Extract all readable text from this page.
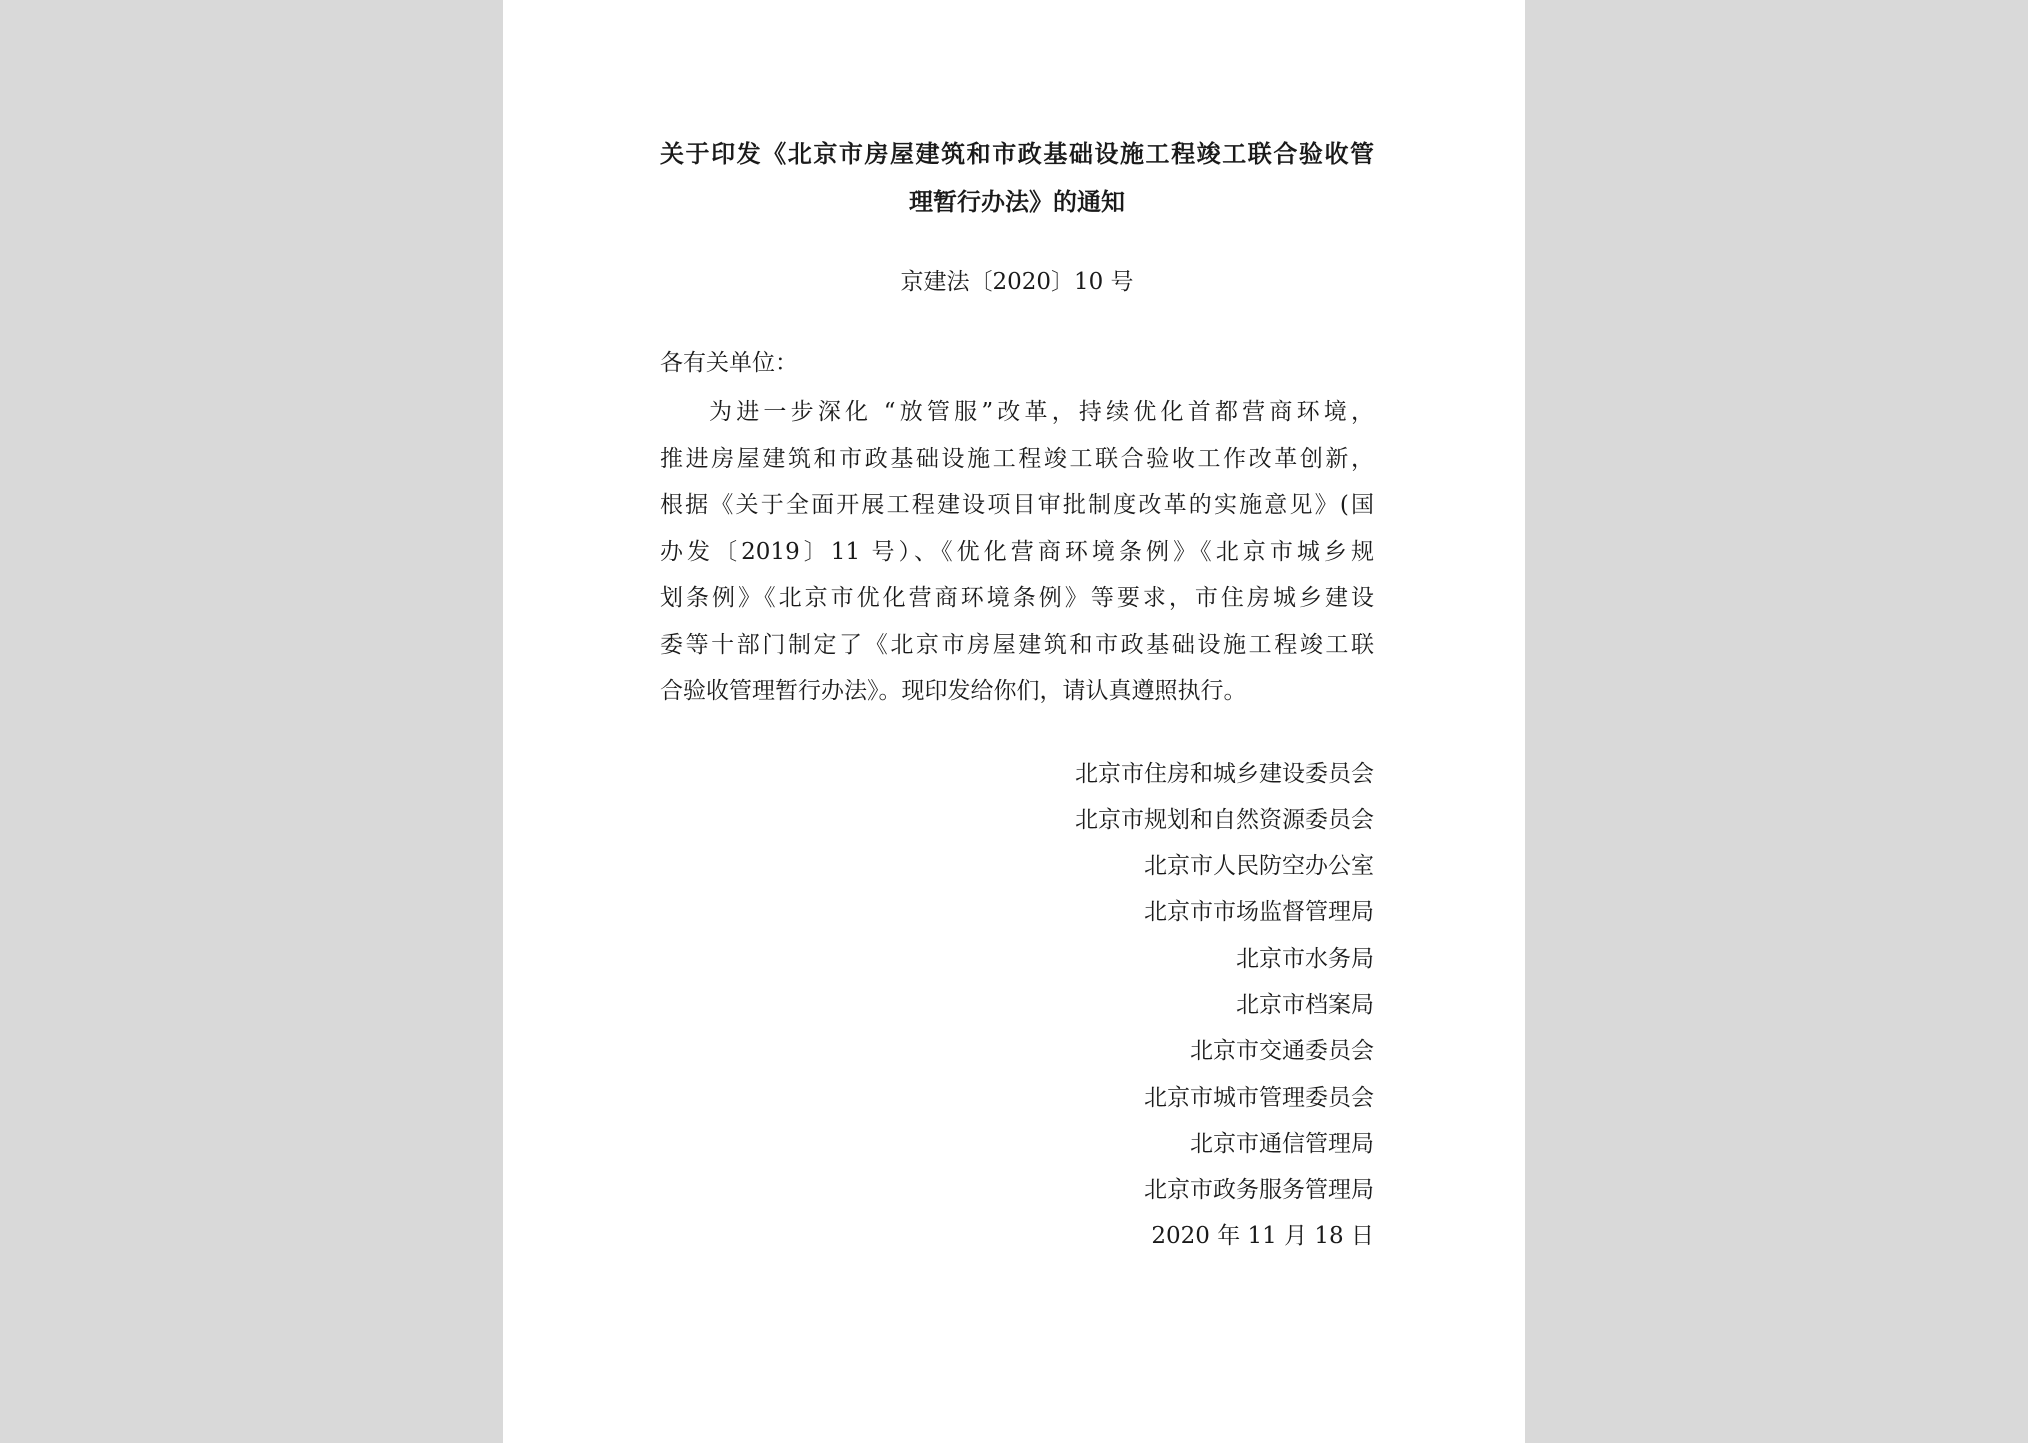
关于印发《北京市房屋建筑和市政基础设施工程竣工联合验收管
理暂行办法》的通知
京建法〔2020〕10 号
各有关单位：
为进一步深化 “放管服”改革，持续优化首都营商环境，
推进房屋建筑和市政基础设施工程竣工联合验收工作改革创新，
根据《关于全面开展工程建设项目审批制度改革的实施意见》(国
办发〔2019〕11 号）、《优化营商环境条例》《北京市城乡规
划条例》《北京市优化营商环境条例》等要求，市住房城乡建设
委等十部门制定了《北京市房屋建筑和市政基础设施工程竣工联
合验收管理暂行办法》。现印发给你们，请认真遵照执行。
北京市住房和城乡建设委员会
北京市规划和自然资源委员会
北京市人民防空办公室
北京市市场监督管理局
北京市水务局
北京市档案局
北京市交通委员会
北京市城市管理委员会
北京市通信管理局
北京市政务服务管理局
2020 年 11 月 18 日
